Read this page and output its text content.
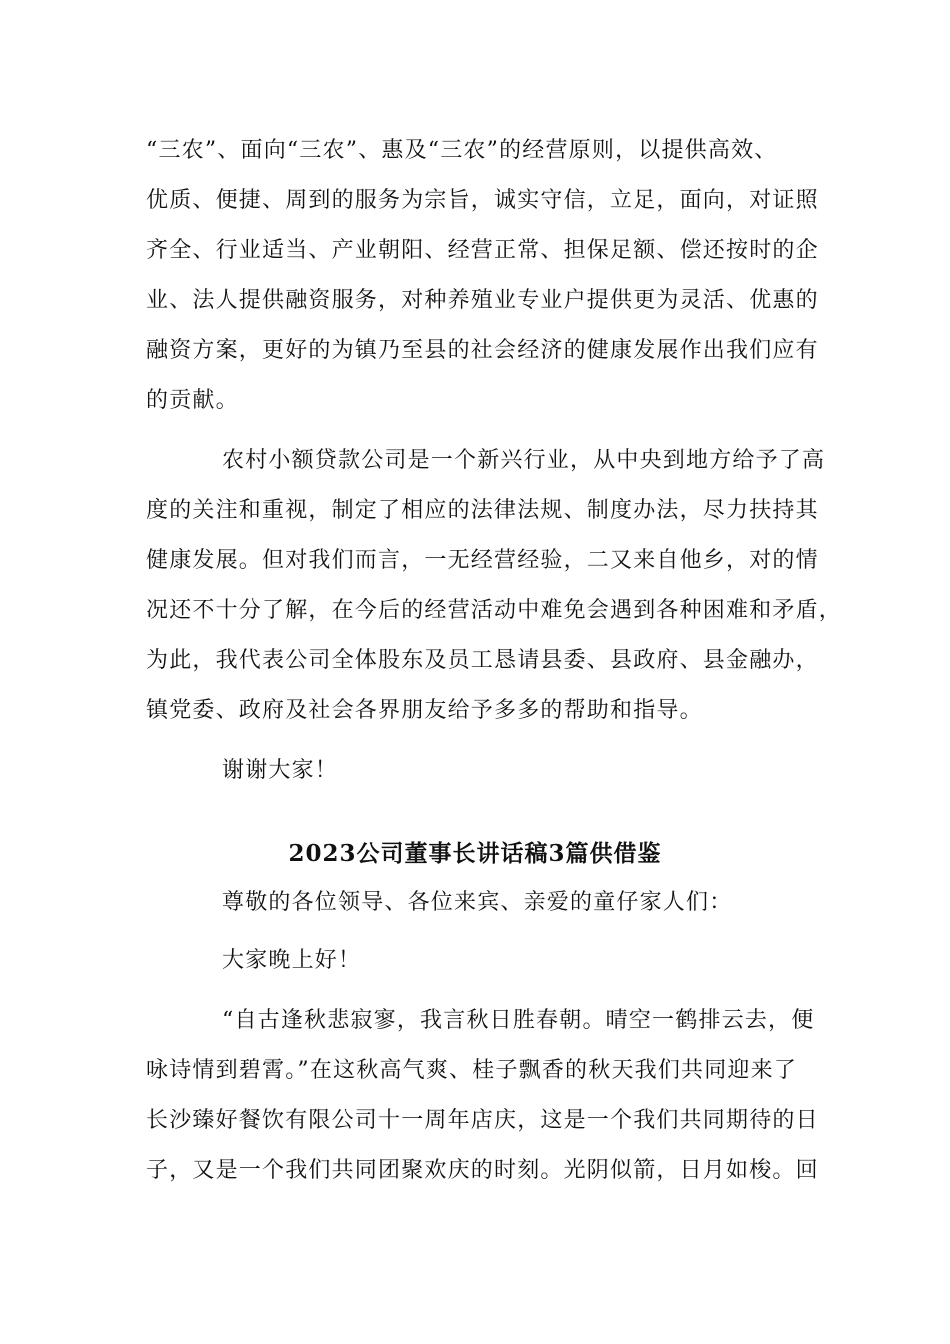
“三农”、面向“三农”、惠及“三农”的经营原则，以提供高效、
优质、便捷、周到的服务为宗旨，诚实守信，立足，面向，对证照
齐全、行业适当、产业朝阳、经营正常、担保足额、偿还按时的企
业、法人提供融资服务，对种养殖业专业户提供更为灵活、优惠的
融资方案，更好的为镇乃至县的社会经济的健康发展作出我们应有
的贡献。
农村小额贷款公司是一个新兴行业，从中央到地方给予了高
度的关注和重视，制定了相应的法律法规、制度办法，尽力扶持其
健康发展。但对我们而言，一无经营经验，二又来自他乡，对的情
况还不十分了解，在今后的经营活动中难免会遇到各种困难和矛盾，
为此，我代表公司全体股东及员工恳请县委、县政府、县金融办，
镇党委、政府及社会各界朋友给予多多的帮助和指导。
谢谢大家！
2023公司董事长讲话稿3篇供借鉴
尊敬的各位领导、各位来宾、亲爱的童仔家人们：
大家晚上好！
“自古逢秋悲寂寥，我言秋日胜春朝。晴空一鹤排云去，便
咏诗情到碧霄。”在这秋高气爽、桂子飘香的秋天我们共同迎来了
长沙臻好餐饮有限公司十一周年店庆，这是一个我们共同期待的日
子，又是一个我们共同团聚欢庆的时刻。光阴似箭，日月如梭。回
